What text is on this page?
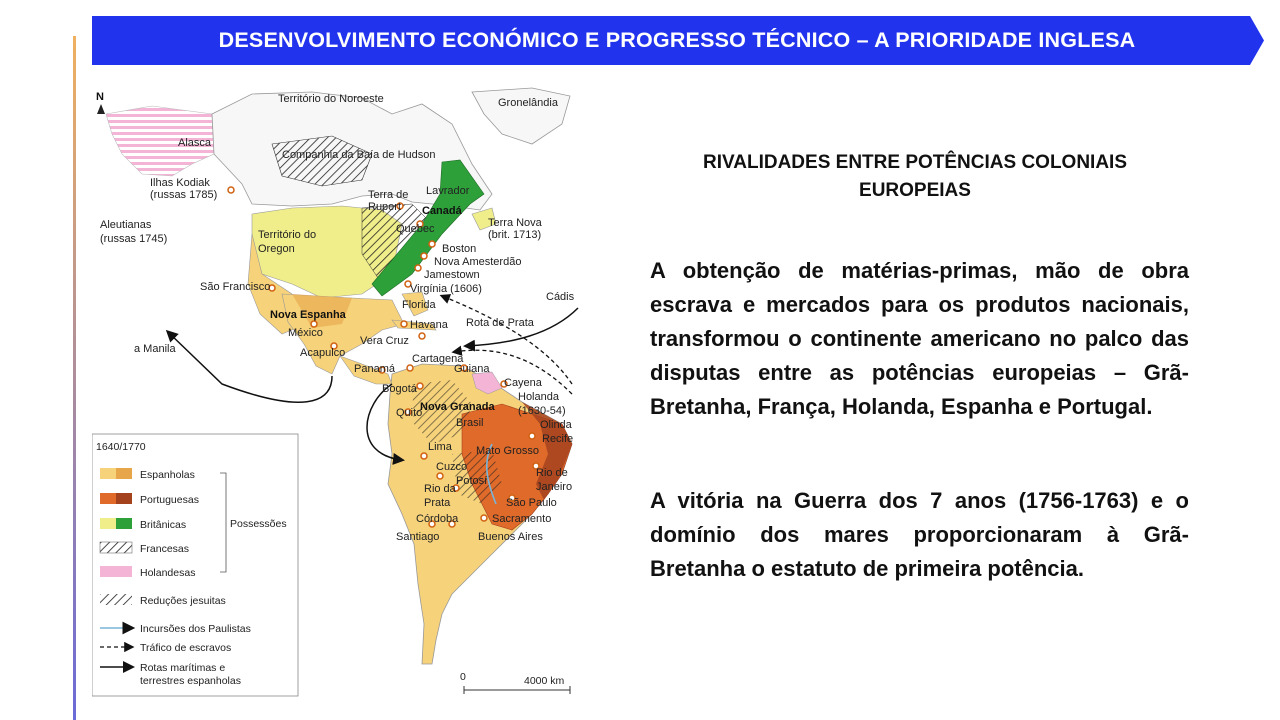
DESENVOLVIMENTO ECONÓMICO E PROGRESSO TÉCNICO – A PRIORIDADE INGLESA
N	Território do Noroeste	Gronelândia
Alasca
Companhia da Baía de Hudson
Ilhas Kodiak
(russas 1785)	Lavrador
Terra de
Rupert Canadá
Terra Nova
(brit. 1713)
Aleutianas
(russas 1745)
Quebec
Território do
Oregon	Boston
Nova Amesterdão
Jamestown
Virgínia (1606)
São Francisco
Florida
Cádis
Nova Espanha
Havana Rota de Prata
México
Vera Cruz
a Manila	Acapulco	Cartagena
Panamá	Guiana
Cayena
Bogotá
Holanda
(1630-54)
Quito
Nova Granada
Brasil	Olinda
Recife
Lima Mato Grosso
Cuzco
Potosí
Rio de
Janeiro
Rio da
Prata	São Paulo
Córdoba	Sacramento
Santiago	Buenos Aires
1640/1770
Espanholas
Portuguesas
Britânicas
Francesas
Holandesas
Possessões
Reduções jesuitas
Incursões dos Paulistas
Tráfico de escravos
Rotas marítimas e
terrestres espanholas	0	4000 km
RIVALIDADES ENTRE POTÊNCIAS COLONIAIS
EUROPEIAS

A obtenção de matérias-primas, mão de obra escrava e mercados para os produtos nacionais, transformou o continente americano no palco das disputas entre as potências europeias – Grã-Bretanha, França, Holanda, Espanha e Portugal.

A vitória na Guerra dos 7 anos (1756-1763) e o domínio dos mares proporcionaram à Grã-Bretanha o estatuto de primeira potência.
